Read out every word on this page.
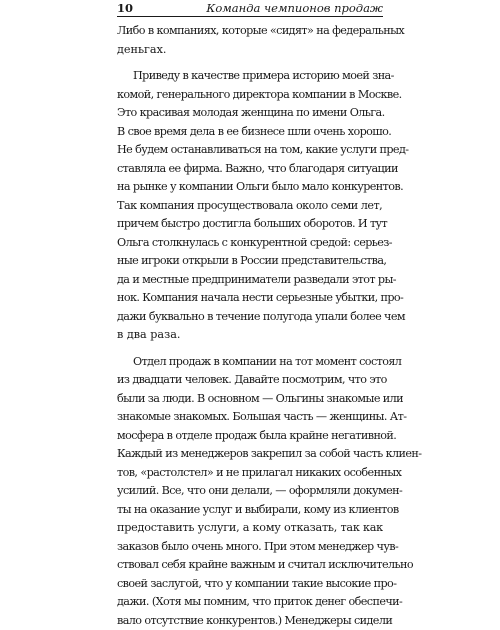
10	Команда чемпионов продаж
Либо в компаниях, которые «сидят» на федеральных
деньгах.
Приведу в качестве примера историю моей зна-
комой, генерального директора компании в Москве.
Это красивая молодая женщина по имени Ольга.
В свое время дела в ее бизнесе шли очень хорошо.
Не будем останавливаться на том, какие услуги пред-
ставляла ее фирма. Важно, что благодаря ситуации
на рынке у компании Ольги было мало конкурентов.
Так компания просуществовала около семи лет,
причем быстро достигла больших оборотов. И тут
Ольга столкнулась с конкурентной средой: серьез-
ные игроки открыли в России представительства,
да и местные предприниматели разведали этот ры-
нок. Компания начала нести серьезные убытки, про-
дажи буквально в течение полугода упали более чем
в два раза.
Отдел продаж в компании на тот момент состоял
из двадцати человек. Давайте посмотрим, что это
были за люди. В основном — Ольгины знакомые или
знакомые знакомых. Большая часть — женщины. Ат-
мосфера в отделе продаж была крайне негативной.
Каждый из менеджеров закрепил за собой часть клиен-
тов, «растолстел» и не прилагал никаких особенных
усилий. Все, что они делали, — оформляли докумен-
ты на оказание услуг и выбирали, кому из клиентов
предоставить услуги, а кому отказать, так как
заказов было очень много. При этом менеджер чув-
ствовал себя крайне важным и считал исключительно
своей заслугой, что у компании такие высокие про-
дажи. (Хотя мы помним, что приток денег обеспечи-
вало отсутствие конкурентов.) Менеджеры сидели
